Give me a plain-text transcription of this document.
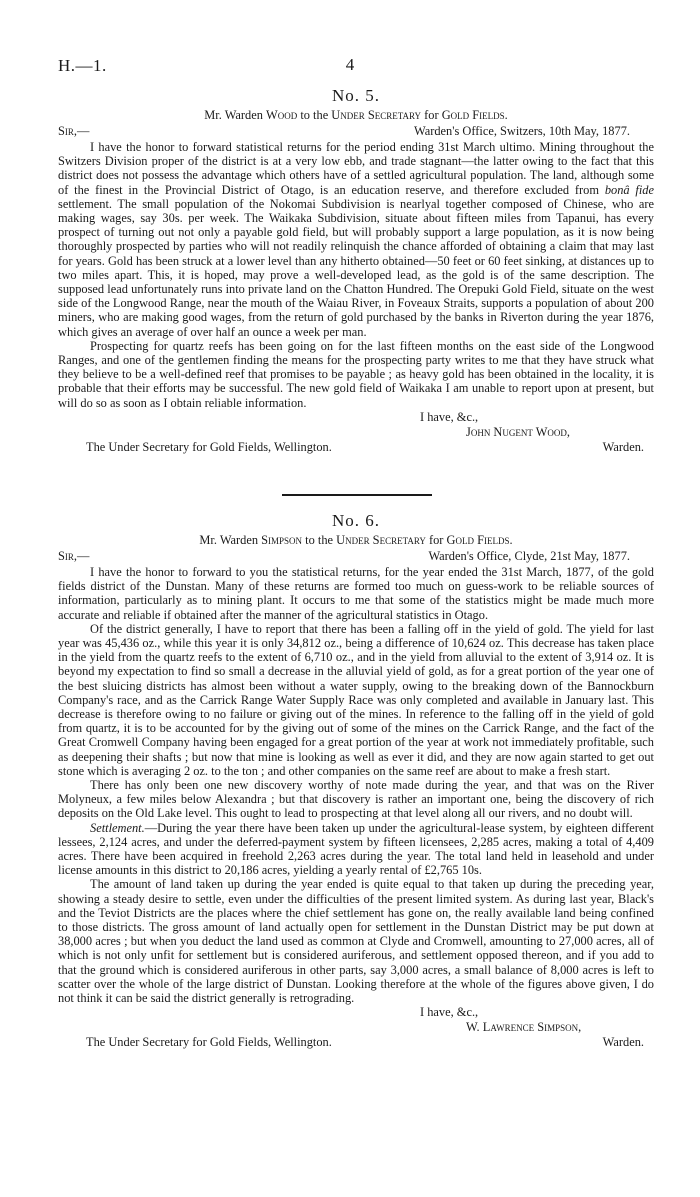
H.—1.	4
No. 5.
Mr. Warden Wood to the Under Secretary for Gold Fields.
Sir,—	Warden's Office, Switzers, 10th May, 1877.

I have the honor to forward statistical returns for the period ending 31st March ultimo. Mining throughout the Switzers Division proper of the district is at a very low ebb, and trade stagnant—the latter owing to the fact that this district does not possess the advantage which others have of a settled agricultural population. The land, although some of the finest in the Provincial District of Otago, is an education reserve, and therefore excluded from bonâ fide settlement. The small population of the Nokomai Subdivision is nearlyal together composed of Chinese, who are making wages, say 30s. per week. The Waikaka Subdivision, situate about fifteen miles from Tapanui, has every prospect of turning out not only a payable gold field, but will probably support a large population, as it is now being thoroughly prospected by parties who will not readily relinquish the chance afforded of obtaining a claim that may last for years. Gold has been struck at a lower level than any hitherto obtained—50 feet or 60 feet sinking, at distances up to two miles apart. This, it is hoped, may prove a well-developed lead, as the gold is of the same description. The supposed lead unfortunately runs into private land on the Chatton Hundred. The Orepuki Gold Field, situate on the west side of the Longwood Range, near the mouth of the Waiau River, in Foveaux Straits, supports a population of about 200 miners, who are making good wages, from the return of gold purchased by the banks in Riverton during the year 1876, which gives an average of over half an ounce a week per man.

Prospecting for quartz reefs has been going on for the last fifteen months on the east side of the Longwood Ranges, and one of the gentlemen finding the means for the prospecting party writes to me that they have struck what they believe to be a well-defined reef that promises to be payable ; as heavy gold has been obtained in the locality, it is probable that their efforts may be successful. The new gold field of Waikaka I am unable to report upon at present, but will do so as soon as I obtain reliable information.

I have, &c.,
John Nugent Wood,
The Under Secretary for Gold Fields, Wellington.	Warden.
No. 6.
Mr. Warden Simpson to the Under Secretary for Gold Fields.
Sir,—	Warden's Office, Clyde, 21st May, 1877.

I have the honor to forward to you the statistical returns, for the year ended the 31st March, 1877, of the gold fields district of the Dunstan. Many of these returns are formed too much on guess-work to be reliable sources of information, particularly as to mining plant. It occurs to me that some of the statistics might be made much more accurate and reliable if obtained after the manner of the agricultural statistics in Otago.

Of the district generally, I have to report that there has been a falling off in the yield of gold. The yield for last year was 45,436 oz., while this year it is only 34,812 oz., being a difference of 10,624 oz. This decrease has taken place in the yield from the quartz reefs to the extent of 6,710 oz., and in the yield from alluvial to the extent of 3,914 oz. It is beyond my expectation to find so small a decrease in the alluvial yield of gold, as for a great portion of the year one of the best sluicing districts has almost been without a water supply, owing to the breaking down of the Bannockburn Company's race, and as the Carrick Range Water Supply Race was only completed and available in January last. This decrease is therefore owing to no failure or giving out of the mines. In reference to the falling off in the yield of gold from quartz, it is to be accounted for by the giving out of some of the mines on the Carrick Range, and the fact of the Great Cromwell Company having been engaged for a great portion of the year at work not immediately profitable, such as deepening their shafts ; but now that mine is looking as well as ever it did, and they are now again started to get out stone which is averaging 2 oz. to the ton ; and other companies on the same reef are about to make a fresh start.

There has only been one new discovery worthy of note made during the year, and that was on the River Molyneux, a few miles below Alexandra ; but that discovery is rather an important one, being the discovery of rich deposits on the Old Lake level. This ought to lead to prospecting at that level along all our rivers, and no doubt will.

Settlement.—During the year there have been taken up under the agricultural-lease system, by eighteen different lessees, 2,124 acres, and under the deferred-payment system by fifteen licensees, 2,285 acres, making a total of 4,409 acres. There have been acquired in freehold 2,263 acres during the year. The total land held in leasehold and under license amounts in this district to 20,186 acres, yielding a yearly rental of £2,765 10s.

The amount of land taken up during the year ended is quite equal to that taken up during the preceding year, showing a steady desire to settle, even under the difficulties of the present limited system. As during last year, Black's and the Teviot Districts are the places where the chief settlement has gone on, the really available land being confined to those districts. The gross amount of land actually open for settlement in the Dunstan District may be put down at 38,000 acres ; but when you deduct the land used as common at Clyde and Cromwell, amounting to 27,000 acres, all of which is not only unfit for settlement but is considered auriferous, and settlement opposed thereon, and if you add to that the ground which is considered auriferous in other parts, say 3,000 acres, a small balance of 8,000 acres is left to scatter over the whole of the large district of Dunstan. Looking therefore at the whole of the figures above given, I do not think it can be said the district generally is retrograding.

I have, &c.,
W. Lawrence Simpson,
The Under Secretary for Gold Fields, Wellington.	Warden.
